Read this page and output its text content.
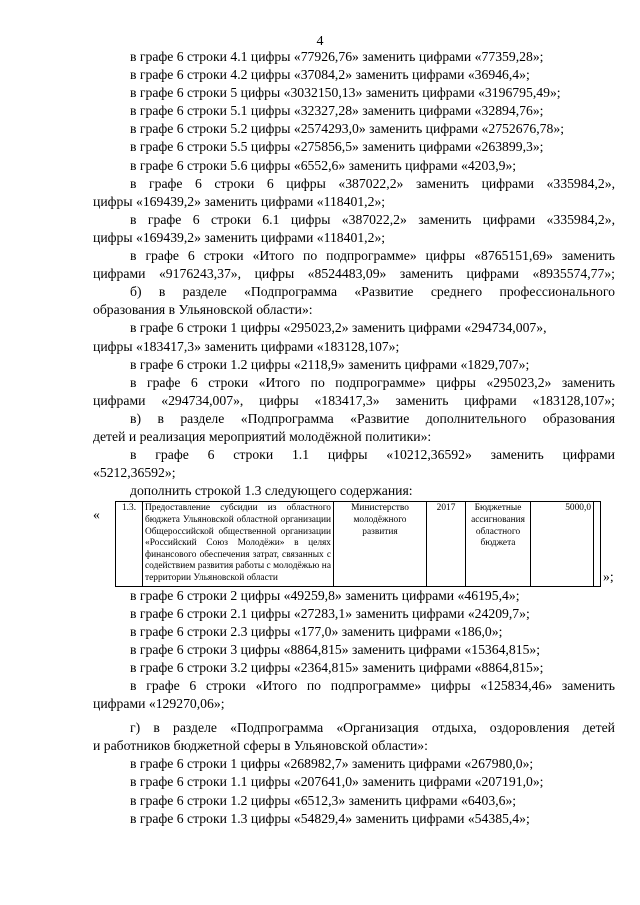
4
в графе 6 строки 4.1 цифры «77926,76» заменить цифрами «77359,28»;
в графе 6 строки 4.2 цифры «37084,2» заменить цифрами «36946,4»;
в графе 6 строки 5 цифры «3032150,13» заменить цифрами «3196795,49»;
в графе 6 строки 5.1 цифры «32327,28» заменить цифрами «32894,76»;
в графе 6 строки 5.2 цифры «2574293,0» заменить цифрами «2752676,78»;
в графе 6 строки 5.5 цифры «275856,5» заменить цифрами «263899,3»;
в графе 6 строки 5.6 цифры «6552,6» заменить цифрами «4203,9»;
в графе 6 строки 6 цифры «387022,2» заменить цифрами «335984,2»,
цифры «169439,2» заменить цифрами «118401,2»;
в графе 6 строки 6.1 цифры «387022,2» заменить цифрами «335984,2»,
цифры «169439,2» заменить цифрами «118401,2»;
в графе 6 строки «Итого по подпрограмме» цифры «8765151,69» заменить
цифрами «9176243,37», цифры «8524483,09» заменить цифрами «8935574,77»;
б) в разделе «Подпрограмма «Развитие среднего профессионального
образования в Ульяновской области»:
в графе 6 строки 1 цифры «295023,2» заменить цифрами «294734,007»,
цифры «183417,3» заменить цифрами «183128,107»;
в графе 6 строки 1.2 цифры «2118,9» заменить цифрами «1829,707»;
в графе 6 строки «Итого по подпрограмме» цифры «295023,2» заменить
цифрами «294734,007», цифры «183417,3» заменить цифрами «183128,107»;
в) в разделе «Подпрограмма «Развитие дополнительного образования
детей и реализация мероприятий молодёжной политики»:
в графе 6 строки 1.1 цифры «10212,36592» заменить цифрами
«5212,36592»;
дополнить строкой 1.3 следующего содержания:
«	1.3.	Предоставление субсидии из областного бюджета Ульяновской областной организации Общероссийской общественной организации «Российский Союз Молодёжи» в целях финансового обеспечения затрат, связанных с содействием развития работы с молодёжью на территории Ульяновской области	Министерство молодёжного развития	2017	Бюджетные ассигнования областного бюджета	5000,0	
»;
в графе 6 строки 2 цифры «49259,8» заменить цифрами «46195,4»;
в графе 6 строки 2.1 цифры «27283,1» заменить цифрами «24209,7»;
в графе 6 строки 2.3 цифры «177,0» заменить цифрами «186,0»;
в графе 6 строки 3 цифры «8864,815» заменить цифрами «15364,815»;
в графе 6 строки 3.2 цифры «2364,815» заменить цифрами «8864,815»;
в графе 6 строки «Итого по подпрограмме» цифры «125834,46» заменить
цифрами «129270,06»;
г) в разделе «Подпрограмма «Организация отдыха, оздоровления детей
и работников бюджетной сферы в Ульяновской области»:
в графе 6 строки 1 цифры «268982,7» заменить цифрами «267980,0»;
в графе 6 строки 1.1 цифры «207641,0» заменить цифрами «207191,0»;
в графе 6 строки 1.2 цифры «6512,3» заменить цифрами «6403,6»;
в графе 6 строки 1.3 цифры «54829,4» заменить цифрами «54385,4»;
